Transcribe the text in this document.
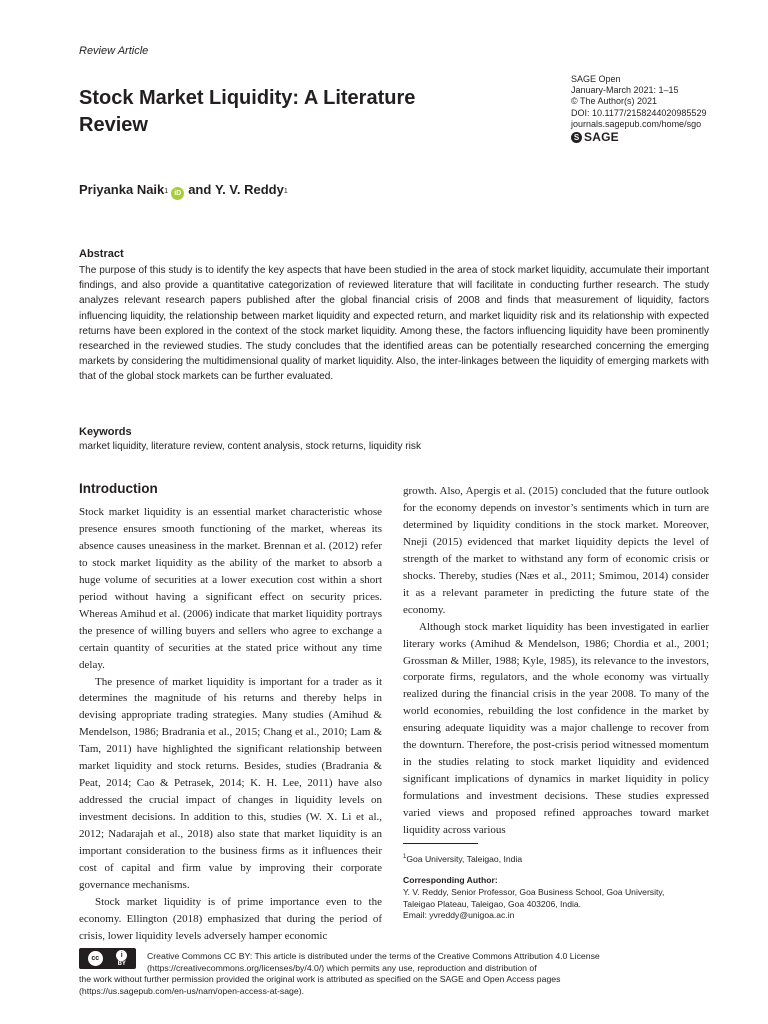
Review Article
Stock Market Liquidity: A Literature Review
SAGE Open
January-March 2021: 1–15
© The Author(s) 2021
DOI: 10.1177/2158244020985529
journals.sagepub.com/home/sgo
S SAGE
Priyanka Naik$^1$ iD and
Y. V. Reddy$^1$
Abstract

The purpose of this study is to identify the key aspects that have been studied in the area of stock market liquidity, accumulate their important findings, and also provide a quantitative categorization of reviewed literature that will facilitate in conducting further research. The study analyzes relevant research papers published after the global financial crisis of 2008 and finds that measurement of liquidity, factors influencing liquidity, the relationship between market liquidity and expected return, and market liquidity risk and its relationship with expected returns have been explored in the context of the stock market liquidity. Among these, the factors influencing liquidity have been prominently researched in the reviewed studies. The study concludes that the identified areas can be potentially researched concerning the emerging markets by considering the multidimensional quality of market liquidity. Also, the inter-linkages between the liquidity of emerging markets with that of the global stock markets can be further evaluated.

Keywords
market liquidity, literature review, content analysis, stock returns, liquidity risk
Introduction

Stock market liquidity is an essential market characteristic whose presence ensures smooth functioning of the market, whereas its absence causes uneasiness in the market. Brennan et al. (2012) refer to stock market liquidity as the ability of the market to absorb a huge volume of securities at a lower execution cost within a short period without having a significant effect on security prices. Whereas Amihud et al. (2006) indicate that market liquidity portrays the presence of willing buyers and sellers who agree to exchange a certain quantity of securities at the stated price without any time delay.

The presence of market liquidity is important for a trader as it determines the magnitude of his returns and thereby helps in devising appropriate trading strategies. Many studies (Amihud & Mendelson, 1986; Bradrania et al., 2015; Chang et al., 2010; Lam & Tam, 2011) have highlighted the significant relationship between market liquidity and stock returns. Besides, studies (Bradrania & Peat, 2014; Cao & Petrasek, 2014; K. H. Lee, 2011) have also addressed the crucial impact of changes in liquidity levels on investment decisions. In addition to this, studies (W. X. Li et al., 2012; Nadarajah et al., 2018) also state that market liquidity is an important consideration to the business firms as it influences their cost of capital and firm value by improving their corporate governance mechanisms.

Stock market liquidity is of prime importance even to the economy. Ellington (2018) emphasized that during the period of crisis, lower liquidity levels adversely hamper economic

growth. Also, Apergis et al. (2015) concluded that the future outlook for the economy depends on investor’s sentiments which in turn are determined by liquidity conditions in the stock market. Moreover, Nneji (2015) evidenced that market liquidity depicts the level of strength of the market to withstand any form of economic crisis or shocks. Thereby, studies (Næs et al., 2011; Smimou, 2014) consider it as a relevant parameter in predicting the future state of the economy.

Although stock market liquidity has been investigated in earlier literary works (Amihud & Mendelson, 1986; Chordia et al., 2001; Grossman & Miller, 1988; Kyle, 1985), its relevance to the investors, corporate firms, regulators, and the whole economy was virtually realized during the financial crisis in the year 2008. To many of the world economies, rebuilding the lost confidence in the market by ensuring adequate liquidity was a major challenge to recover from the downturn. Therefore, the post-crisis period witnessed momentum in the studies relating to stock market liquidity and evidenced significant implications of dynamics in market liquidity in policy formulations and investment decisions. These studies expressed varied views and proposed refined approaches toward market liquidity across various

$^1$Goa University, Taleigao, India
Corresponding Author:
Y. V. Reddy, Senior Professor, Goa Business School, Goa University,
Taleigao Plateau, Taleigao, Goa 403206, India.
Email: yvreddy@unigoa.ac.in
cc	i
BY
Creative Commons CC BY: This article is distributed under the terms of the Creative Commons Attribution 4.0 License
(https://creativecommons.org/licenses/by/4.0/) which permits any use, reproduction and distribution of
the work without further permission provided the original work is attributed as specified on the SAGE and Open Access pages
(https://us.sagepub.com/en-us/nam/open-access-at-sage).
